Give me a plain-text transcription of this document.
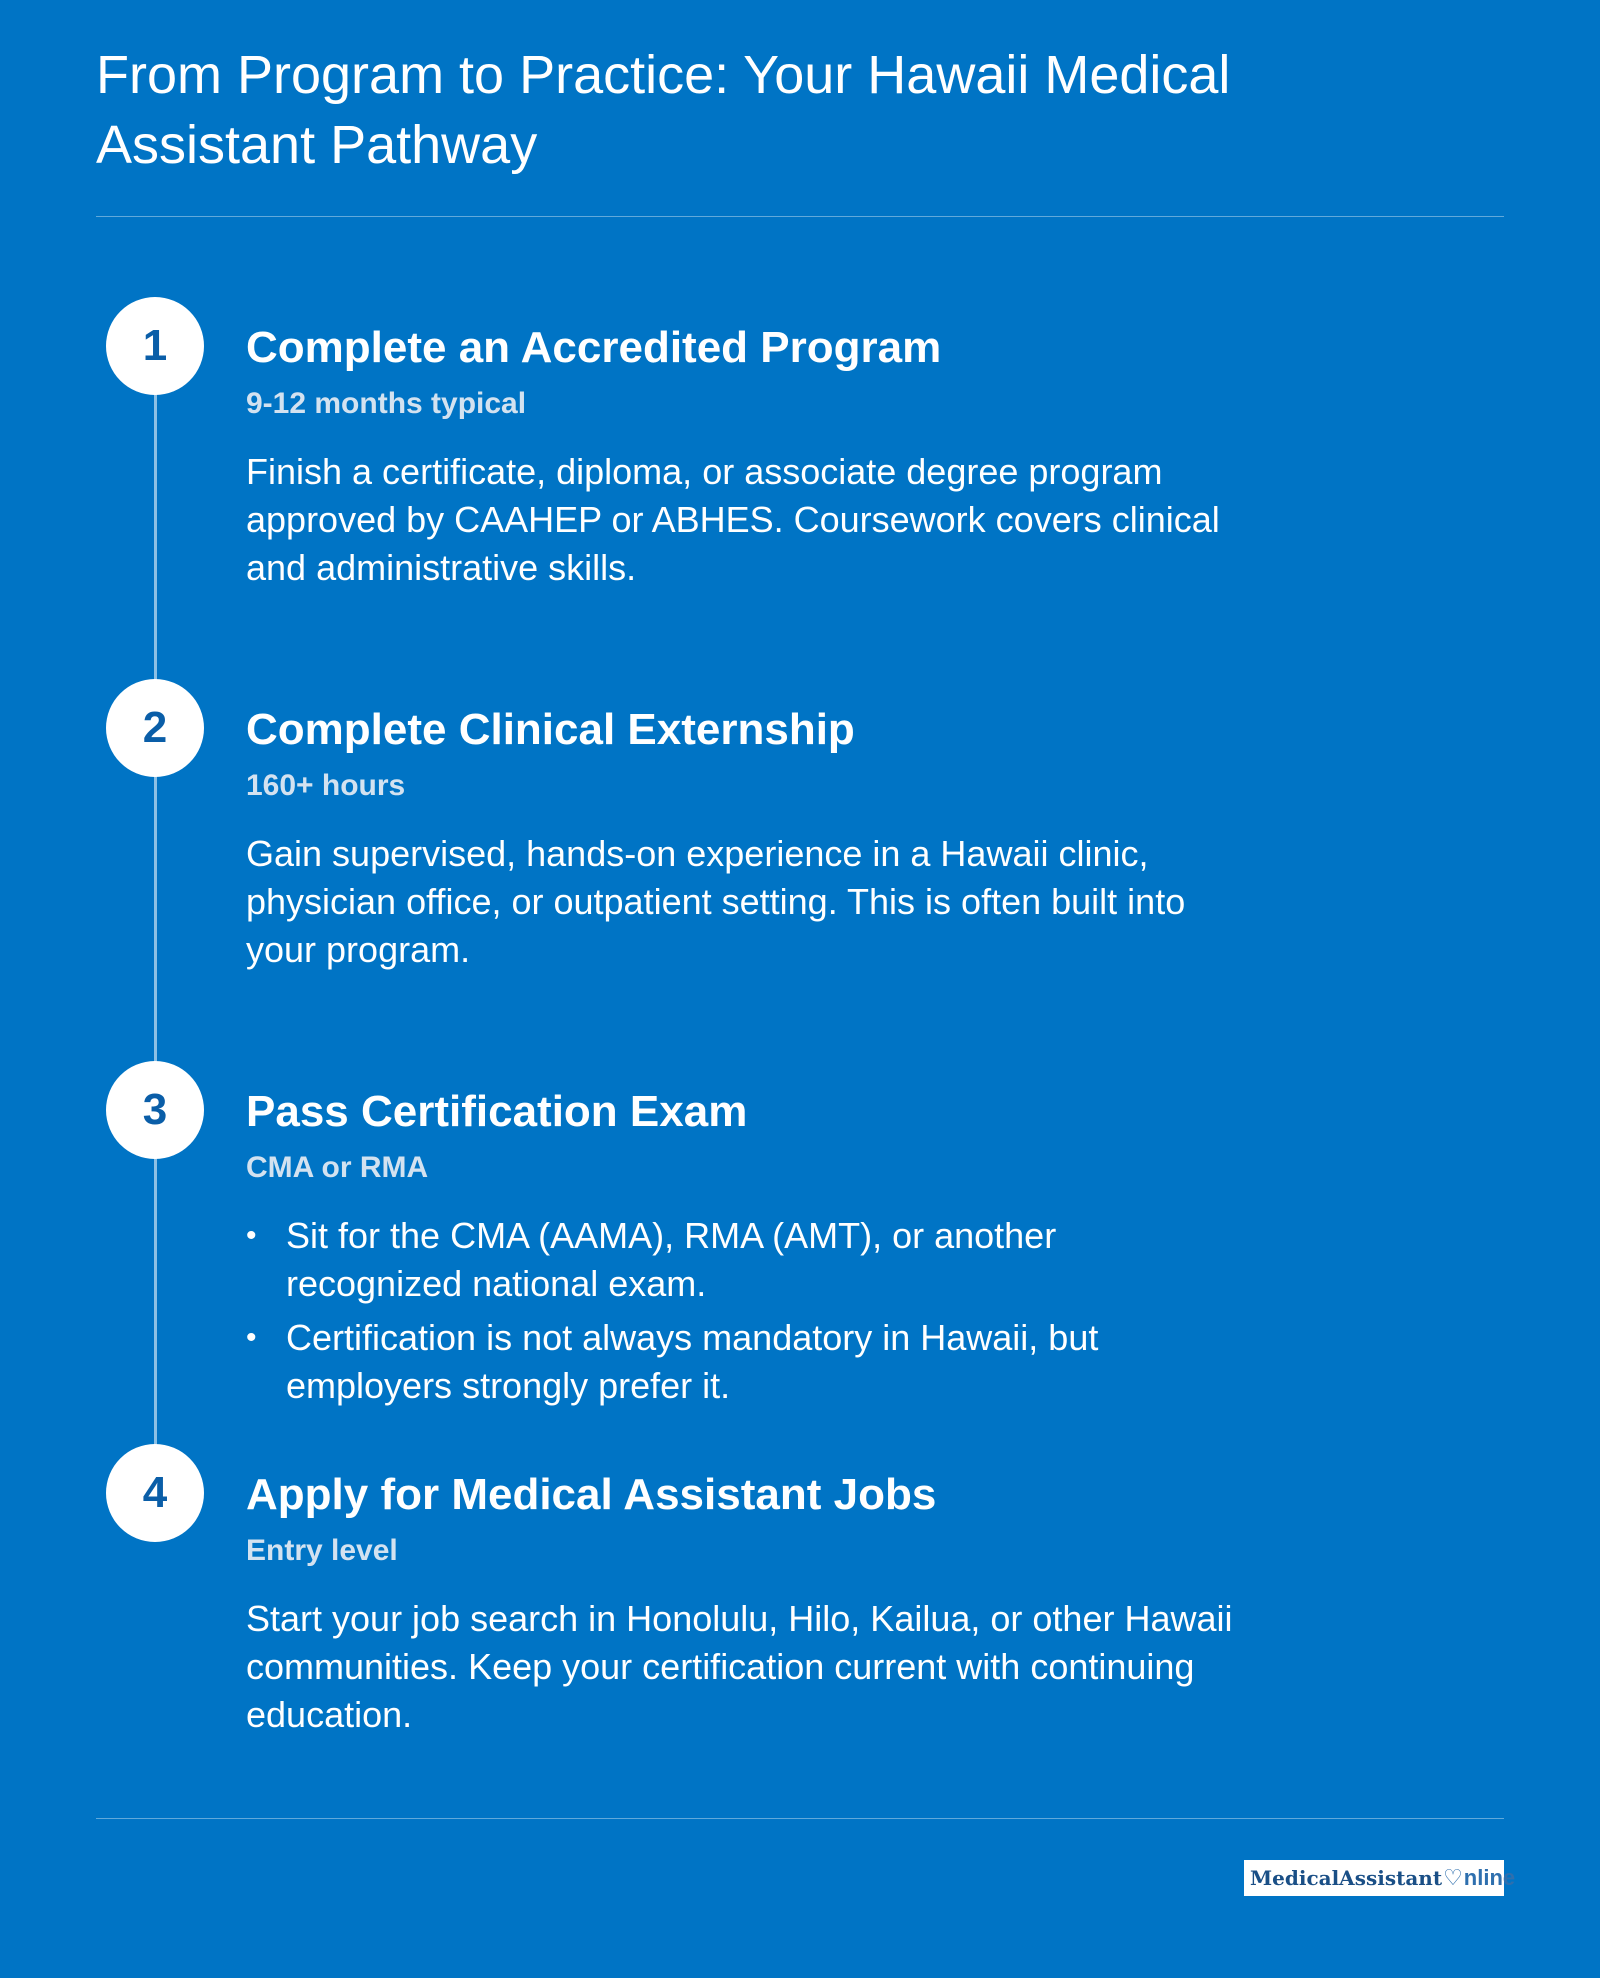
From Program to Practice: Your Hawaii Medical Assistant Pathway
1	Complete an Accredited Program
9-12 months typical
Finish a certificate, diploma, or associate degree program approved by CAAHEP or ABHES. Coursework covers clinical and administrative skills.
2	Complete Clinical Externship
160+ hours
Gain supervised, hands-on experience in a Hawaii clinic, physician office, or outpatient setting. This is often built into your program.
3	Pass Certification Exam
CMA or RMA
• Sit for the CMA (AAMA), RMA (AMT), or another recognized national exam.
• Certification is not always mandatory in Hawaii, but employers strongly prefer it.
4	Apply for Medical Assistant Jobs
Entry level
Start your job search in Honolulu, Hilo, Kailua, or other Hawaii communities. Keep your certification current with continuing education.
MedicalAssistant ♡ nline
